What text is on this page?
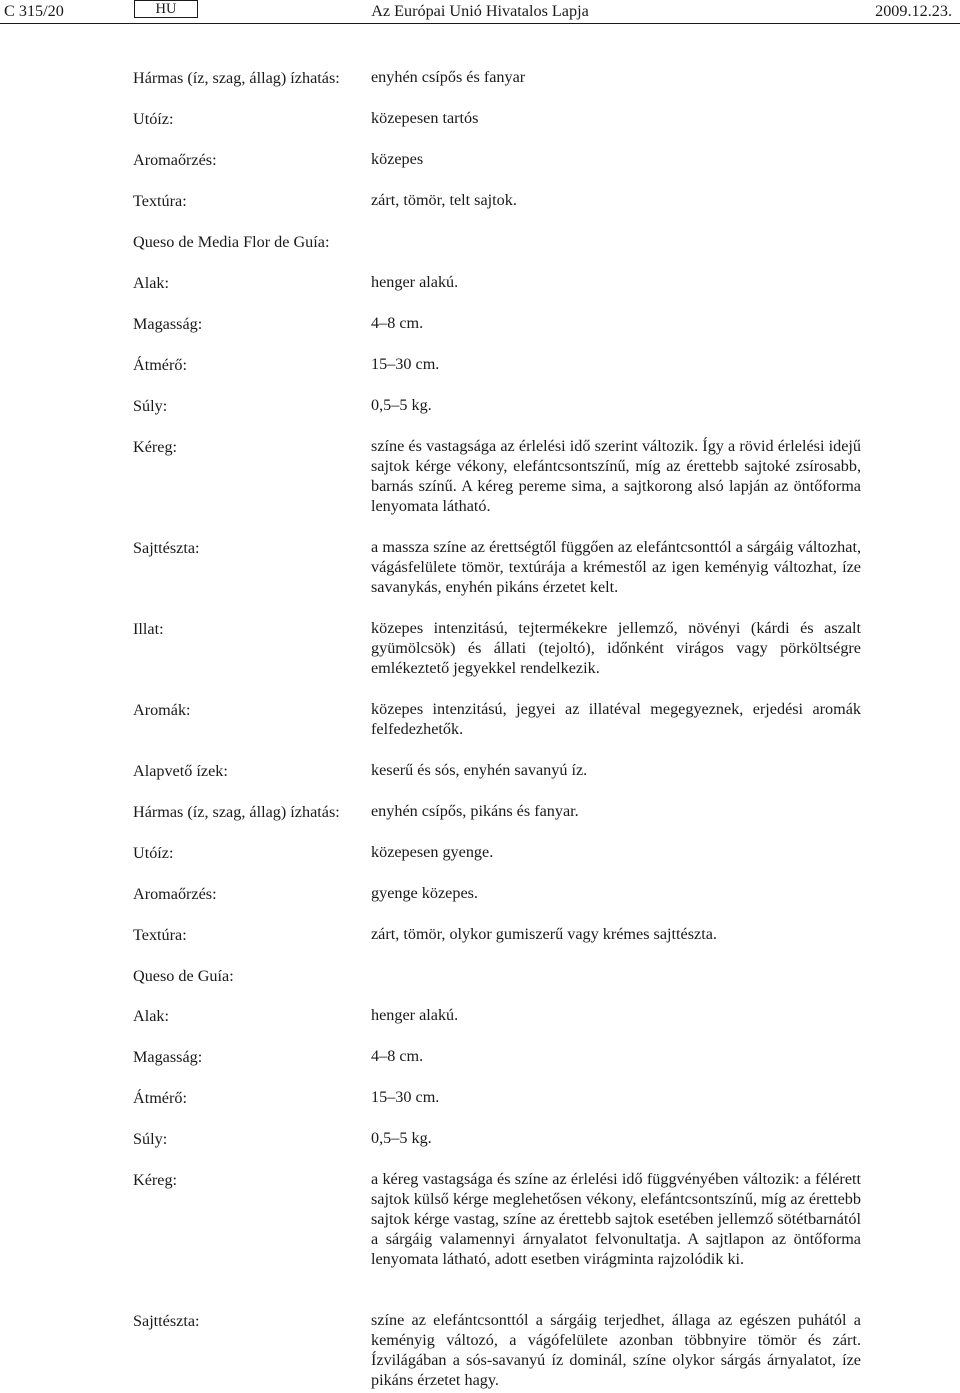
C 315/20	HU	Az Európai Unió Hivatalos Lapja	2009.12.23.
Hármas (íz, szag, állag) ízhatás: enyhén csípős és fanyar
Utóíz:	közepesen tartós
Aromaőrzés:	közepes
Textúra:	zárt, tömör, telt sajtok.
Queso de Media Flor de Guía:
Alak:	henger alakú.
Magasság:	4–8 cm.
Átmérő:	15–30 cm.
Súly:	0,5–5 kg.
Kéreg:	színe és vastagsága az érlelési idő szerint változik. Így a rövid érlelési idejű sajtok kérge vékony, elefántcsontszínű, míg az érettebb sajtoké zsírosabb, barnás színű. A kéreg pereme sima, a sajtkorong alsó lapján az öntőforma lenyomata látható.
Sajttészta:	a massza színe az érettségtől függően az elefántcsonttól a sárgáig változhat, vágásfelülete tömör, textúrája a krémestől az igen keményig változhat, íze savanykás, enyhén pikáns érzetet kelt.
Illat:	közepes intenzitású, tejtermékekre jellemző, növényi (kárdi és aszalt gyümölcsök) és állati (tejoltó), időnként virágos vagy pörköltségre emlékeztető jegyekkel rendelkezik.
Aromák:	közepes intenzitású, jegyei az illatéval megegyeznek, erjedési aromák felfedezhetők.
Alapvető ízek:	keserű és sós, enyhén savanyú íz.
Hármas (íz, szag, állag) ízhatás: enyhén csípős, pikáns és fanyar.
Utóíz:	közepesen gyenge.
Aromaőrzés:	gyenge közepes.
Textúra:	zárt, tömör, olykor gumiszerű vagy krémes sajttészta.
Queso de Guía:
Alak:	henger alakú.
Magasság:	4–8 cm.
Átmérő:	15–30 cm.
Súly:	0,5–5 kg.
Kéreg:	a kéreg vastagsága és színe az érlelési idő függvényében változik: a félérett sajtok külső kérge meglehetősen vékony, elefántcsontszínű, míg az érettebb sajtok kérge vastag, színe az érettebb sajtok esetében jellemző sötétbarnától a sárgáig valamennyi árnyalatot felvonultatja. A sajtlapon az öntőforma lenyomata látható, adott esetben virágminta rajzolódik ki.
Sajttészta:	színe az elefántcsonttól a sárgáig terjedhet, állaga az egészen puhától a keményig változó, a vágófelülete azonban többnyire tömör és zárt. Ízvilágában a sós-savanyú íz dominál, színe olykor sárgás árnyalatot, íze pikáns érzetet hagy.
